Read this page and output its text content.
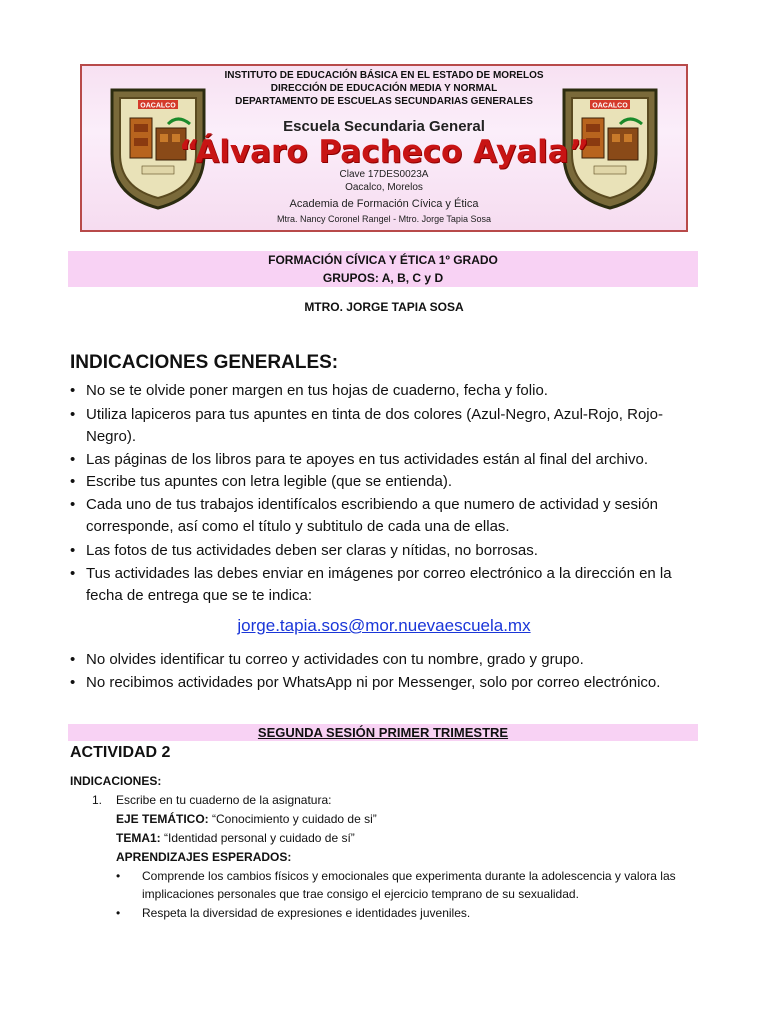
OACALCO	OACALCO
INSTITUTO DE EDUCACIÓN BÁSICA EN EL ESTADO DE MORELOS
DIRECCIÓN DE EDUCACIÓN MEDIA Y NORMAL
DEPARTAMENTO DE ESCUELAS SECUNDARIAS GENERALES
Escuela Secundaria General
“Álvaro Pacheco Ayala”
Clave 17DES0023A
Oacalco, Morelos
Academia de Formación Cívica y Ética
Mtra. Nancy Coronel Rangel - Mtro. Jorge Tapia Sosa
FORMACIÓN CÍVICA Y ÉTICA 1º GRADO
GRUPOS: A, B, C y D
MTRO. JORGE TAPIA SOSA
INDICACIONES GENERALES:
• No se te olvide poner margen en tus hojas de cuaderno, fecha y folio.
• Utiliza lapiceros para tus apuntes en tinta de dos colores (Azul-Negro, Azul-Rojo, Rojo-Negro).
• Las páginas de los libros para te apoyes en tus actividades están al final del archivo.
• Escribe tus apuntes con letra legible (que se entienda).
• Cada uno de tus trabajos identifícalos escribiendo a que numero de actividad y sesión corresponde, así como el título y subtitulo de cada una de ellas.
• Las fotos de tus actividades deben ser claras y nítidas, no borrosas.
• Tus actividades las debes enviar en imágenes por correo electrónico a la dirección en la fecha de entrega que se te indica:
jorge.tapia.sos@mor.nuevaescuela.mx
• No olvides identificar tu correo y actividades con tu nombre, grado y grupo.
• No recibimos actividades por WhatsApp ni por Messenger, solo por correo electrónico.
SEGUNDA SESIÓN PRIMER TRIMESTRE
ACTIVIDAD 2
INDICACIONES:
1. Escribe en tu cuaderno de la asignatura:
EJE TEMÁTICO: “Conocimiento y cuidado de si”
TEMA1: “Identidad personal y cuidado de sí”
APRENDIZAJES ESPERADOS:
• Comprende los cambios físicos y emocionales que experimenta durante la adolescencia y valora las implicaciones personales que trae consigo el ejercicio temprano de su sexualidad.
• Respeta la diversidad de expresiones e identidades juveniles.
